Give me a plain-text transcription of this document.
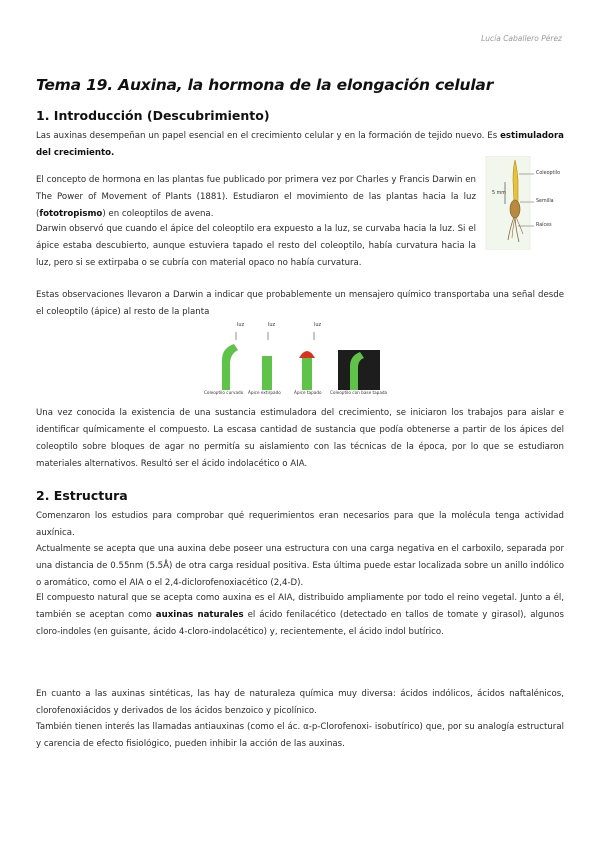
Lucía Caballero Pérez
Tema 19. Auxina, la hormona de la elongación celular
1. Introducción (Descubrimiento)

Las auxinas desempeñan un papel esencial en el crecimiento celular y en la formación de tejido nuevo. Es estimuladora del crecimiento.

El concepto de hormona en las plantas fue publicado por primera vez por Charles y Francis Darwin en The Power of Movement of Plants (1881). Estudiaron el movimiento de las plantas hacia la luz (fototropismo) en coleoptilos de avena.

Darwin observó que cuando el ápice del coleoptilo era expuesto a la luz, se curvaba hacia la luz. Si el ápice estaba descubierto, aunque estuviera tapado el resto del coleoptilo, había curvatura hacia la luz, pero si se extirpaba o se cubría con material opaco no había curvatura.

Estas observaciones llevaron a Darwin a indicar que probablemente un mensajero químico transportaba una señal desde el coleoptilo (ápice) al resto de la planta

5 mm
Coleoptilo
Semilla
Raíces
luz	luz	luz
Coleoptilo curvado Ápice extirpado	Ápice tapado Coleoptilo con base tapada

Una vez conocida la existencia de una sustancia estimuladora del crecimiento, se iniciaron los trabajos para aislar e identificar químicamente el compuesto. La escasa cantidad de sustancia que podía obtenerse a partir de los ápices del coleoptilo sobre bloques de agar no permitía su aislamiento con las técnicas de la época, por lo que se estudiaron materiales alternativos. Resultó ser el ácido indolacético o AIA.

2. Estructura

Comenzaron los estudios para comprobar qué requerimientos eran necesarios para que la molécula tenga actividad auxínica.

Actualmente se acepta que una auxina debe poseer una estructura con una carga negativa en el carboxilo, separada por una distancia de 0.55nm (5.5Å) de otra carga residual positiva. Esta última puede estar localizada sobre un anillo indólico o aromático, como el AIA o el 2,4-diclorofenoxiacético (2,4-D).

El compuesto natural que se acepta como auxina es el AIA, distribuido ampliamente por todo el reino vegetal. Junto a él, también se aceptan como auxinas naturales el ácido fenilacético (detectado en tallos de tomate y girasol), algunos cloro-indoles (en guisante, ácido 4-cloro-indolacético) y, recientemente, el ácido indol butírico.

En cuanto a las auxinas sintéticas, las hay de naturaleza química muy diversa: ácidos indólicos, ácidos naftalénicos, clorofenoxiácidos y derivados de los ácidos benzoico y picolínico.

También tienen interés las llamadas antiauxinas (como el ác. α-p-Clorofenoxi- isobutírico) que, por su analogía estructural y carencia de efecto fisiológico, pueden inhibir la acción de las auxinas.
